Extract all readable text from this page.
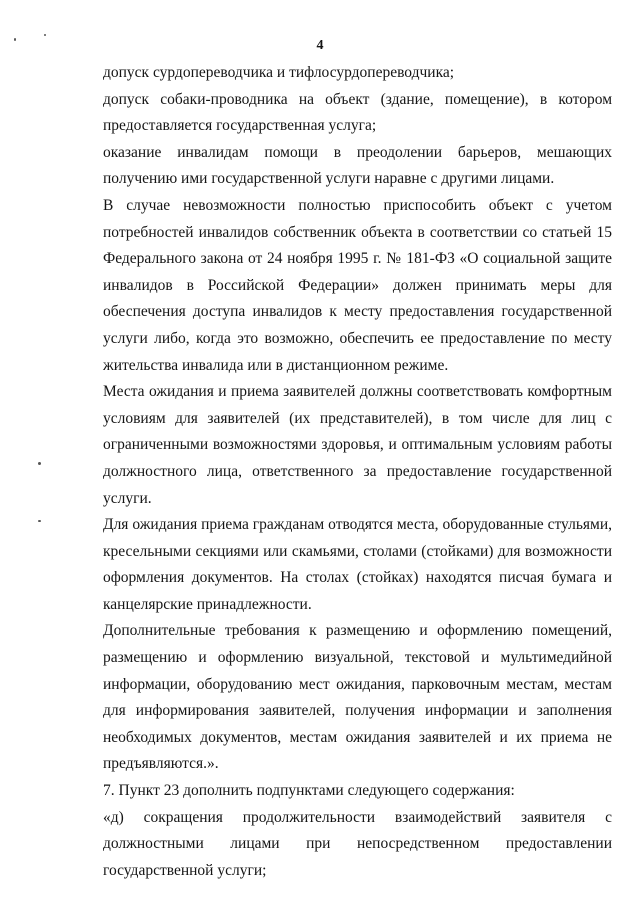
4

допуск сурдопереводчика и тифлосурдопереводчика;

допуск собаки-проводника на объект (здание, помещение), в котором предоставляется государственная услуга;

оказание инвалидам помощи в преодолении барьеров, мешающих получению ими государственной услуги наравне с другими лицами.

В случае невозможности полностью приспособить объект с учетом потребностей инвалидов собственник объекта в соответствии со статьей 15 Федерального закона от 24 ноября 1995 г. № 181-ФЗ «О социальной защите инвалидов в Российской Федерации» должен принимать меры для обеспечения доступа инвалидов к месту предоставления государственной услуги либо, когда это возможно, обеспечить ее предоставление по месту жительства инвалида или в дистанционном режиме.

Места ожидания и приема заявителей должны соответствовать комфортным условиям для заявителей (их представителей), в том числе для лиц с ограниченными возможностями здоровья, и оптимальным условиям работы должностного лица, ответственного за предоставление государственной услуги.

Для ожидания приема гражданам отводятся места, оборудованные стульями, кресельными секциями или скамьями, столами (стойками) для возможности оформления документов. На столах (стойках) находятся писчая бумага и канцелярские принадлежности.

Дополнительные требования к размещению и оформлению помещений, размещению и оформлению визуальной, текстовой и мультимедийной информации, оборудованию мест ожидания, парковочным местам, местам для информирования заявителей, получения информации и заполнения необходимых документов, местам ожидания заявителей и их приема не предъявляются.».

7. Пункт 23 дополнить подпунктами следующего содержания:

«д) сокращения продолжительности взаимодействий заявителя с должностными лицами при непосредственном предоставлении государственной услуги;
